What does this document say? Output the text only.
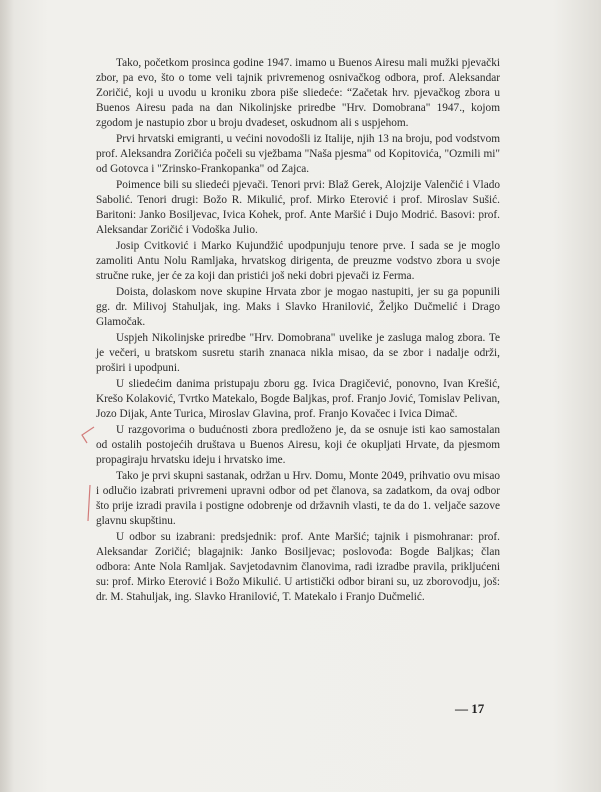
Tako, početkom prosinca godine 1947. imamo u Buenos Airesu mali mužki pjevački zbor, pa evo, što o tome veli tajnik privremenog osnivačkog odbora, prof. Aleksandar Zoričić, koji u uvodu u kroniku zbora piše sliedeće: “Začetak hrv. pjevačkog zbora u Buenos Airesu pada na dan Nikolinjske priredbe "Hrv. Domobrana" 1947., kojom zgodom je nastupio zbor u broju dvadeset, oskudnom ali s uspjehom.

Prvi hrvatski emigranti, u većini novodošli iz Italije, njih 13 na broju, pod vodstvom prof. Aleksandra Zoričića počeli su vježbama "Naša pjesma" od Kopitovića, "Ozmili mi" od Gotovca i "Zrinsko-Frankopanka" od Zajca.

Poimence bili su sliedeći pjevači. Tenori prvi: Blaž Gerek, Alojzije Valenčić i Vlado Sabolić. Tenori drugi: Božo R. Mikulić, prof. Mirko Eterović i prof. Miroslav Sušić. Baritoni: Janko Bosiljevac, Ivica Kohek, prof. Ante Maršić i Dujo Modrić. Basovi: prof. Aleksandar Zoričić i Vodoška Julio.

Josip Cvitković i Marko Kujundžić upodpunjuju tenore prve. I sada se je moglo zamoliti Antu Nolu Ramljaka, hrvatskog dirigenta, de preuzme vodstvo zbora u svoje stručne ruke, jer će za koji dan pristići još neki dobri pjevači iz Ferma.

Doista, dolaskom nove skupine Hrvata zbor je mogao nastupiti, jer su ga popunili gg. dr. Milivoj Stahuljak, ing. Maks i Slavko Hranilović, Željko Dučmelić i Drago Glamočak.

Uspjeh Nikolinjske priredbe "Hrv. Domobrana" uvelike je zasluga malog zbora. Te je večeri, u bratskom susretu starih znanaca nikla misao, da se zbor i nadalje održi, proširi i upodpuni.

U sliedećim danima pristupaju zboru gg. Ivica Dragičević, ponovno, Ivan Krešić, Krešo Kolaković, Tvrtko Matekalo, Bogde Baljkas, prof. Franjo Jović, Tomislav Pelivan, Jozo Dijak, Ante Turica, Miroslav Glavina, prof. Franjo Kovačec i Ivica Dimač.

U razgovorima o budućnosti zbora predloženo je, da se osnuje isti kao samostalan od ostalih postojećih društava u Buenos Airesu, koji će okupljati Hrvate, da pjesmom propagiraju hrvatsku ideju i hrvatsko ime.

Tako je prvi skupni sastanak, održan u Hrv. Domu, Monte 2049, prihvatio ovu misao i odlučio izabrati privremeni upravni odbor od pet članova, sa zadatkom, da ovaj odbor što prije izradi pravila i postigne odobrenje od državnih vlasti, te da do 1. veljače sazove glavnu skupštinu.

U odbor su izabrani: predsjednik: prof. Ante Maršić; tajnik i pismohranar: prof. Aleksandar Zoričić; blagajnik: Janko Bosiljevac; poslovođa: Bogde Baljkas; član odbora: Ante Nola Ramljak. Savjetodavnim članovima, radi izradbe pravila, prikljućeni su: prof. Mirko Eterović i Božo Mikulić. U artistički odbor birani su, uz zborovodju, još: dr. M. Stahuljak, ing. Slavko Hranilović, T. Matekalo i Franjo Dučmelić.

— 17
